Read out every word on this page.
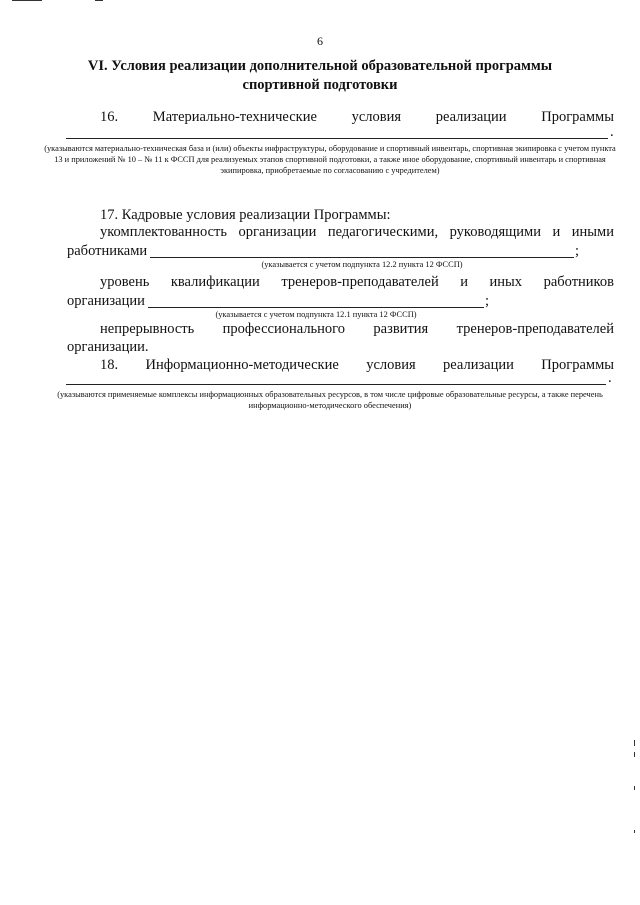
6
VI. Условия реализации дополнительной образовательной программы
спортивной подготовки
16. Материально-технические условия реализации Программы
.
(указываются материально-техническая база и (или) объекты инфраструктуры, оборудование и спортивный инвентарь, спортивная экипировка с учетом пункта 13 и приложений № 10 – № 11 к ФССП для реализуемых этапов спортивной подготовки, а также иное оборудование, спортивный инвентарь и спортивная экипировка, приобретаемые по согласованию с учредителем)
17. Кадровые условия реализации Программы:
укомплектованность организации педагогическими, руководящими и иными
работниками	;
(указывается с учетом подпункта 12.2 пункта 12 ФССП)
уровень квалификации тренеров-преподавателей и иных работников
организации	;
(указывается с учетом подпункта 12.1 пункта 12 ФССП)
непрерывность профессионального развития тренеров-преподавателей
организации.
18. Информационно-методические условия реализации Программы
.
(указываются применяемые комплексы информационных образовательных ресурсов, в том числе цифровые образовательные ресурсы, а также перечень информационно-методического обеспечения)
